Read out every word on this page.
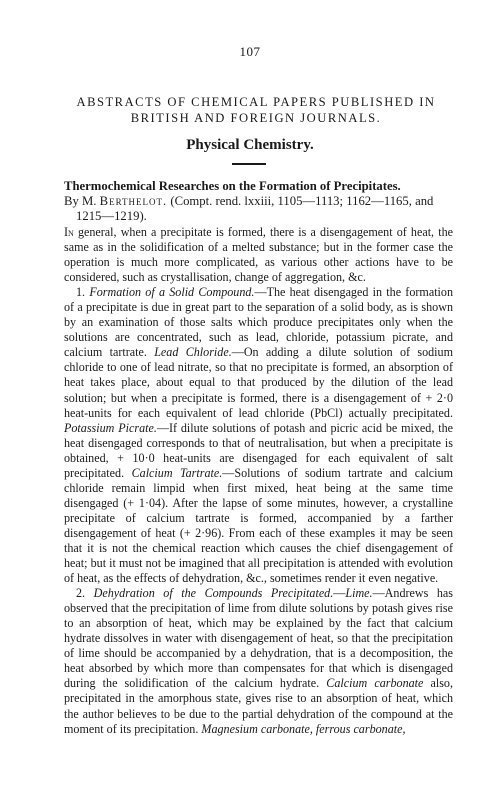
107
ABSTRACTS OF CHEMICAL PAPERS PUBLISHED IN BRITISH AND FOREIGN JOURNALS.
Physical Chemistry.
Thermochemical Researches on the Formation of Precipitates.
By M. Berthelot. (Compt. rend. lxxiii, 1105—1113; 1162—1165, and 1215—1219).

In general, when a precipitate is formed, there is a disengagement of heat, the same as in the solidification of a melted substance; but in the former case the operation is much more complicated, as various other actions have to be considered, such as crystallisation, change of aggregation, &c.

1. Formation of a Solid Compound.—The heat disengaged in the formation of a precipitate is due in great part to the separation of a solid body, as is shown by an examination of those salts which produce precipitates only when the solutions are concentrated, such as lead, chloride, potassium picrate, and calcium tartrate. Lead Chloride.—On adding a dilute solution of sodium chloride to one of lead nitrate, so that no precipitate is formed, an absorption of heat takes place, about equal to that produced by the dilution of the lead solution; but when a precipitate is formed, there is a disengagement of + 2·0 heat-units for each equivalent of lead chloride (PbCl) actually precipitated. Potassium Picrate.—If dilute solutions of potash and picric acid be mixed, the heat disengaged corresponds to that of neutralisation, but when a precipitate is obtained, + 10·0 heat-units are disengaged for each equivalent of salt precipitated. Calcium Tartrate.—Solutions of sodium tartrate and calcium chloride remain limpid when first mixed, heat being at the same time disengaged (+ 1·04). After the lapse of some minutes, however, a crystalline precipitate of calcium tartrate is formed, accompanied by a farther disengagement of heat (+ 2·96). From each of these examples it may be seen that it is not the chemical reaction which causes the chief disengagement of heat; but it must not be imagined that all precipitation is attended with evolution of heat, as the effects of dehydration, &c., sometimes render it even negative.

2. Dehydration of the Compounds Precipitated.—Lime.—Andrews has observed that the precipitation of lime from dilute solutions by potash gives rise to an absorption of heat, which may be explained by the fact that calcium hydrate dissolves in water with disengagement of heat, so that the precipitation of lime should be accompanied by a dehydration, that is a decomposition, the heat absorbed by which more than compensates for that which is disengaged during the solidification of the calcium hydrate. Calcium carbonate also, precipitated in the amorphous state, gives rise to an absorption of heat, which the author believes to be due to the partial dehydration of the compound at the moment of its precipitation. Magnesium carbonate, ferrous carbonate,
